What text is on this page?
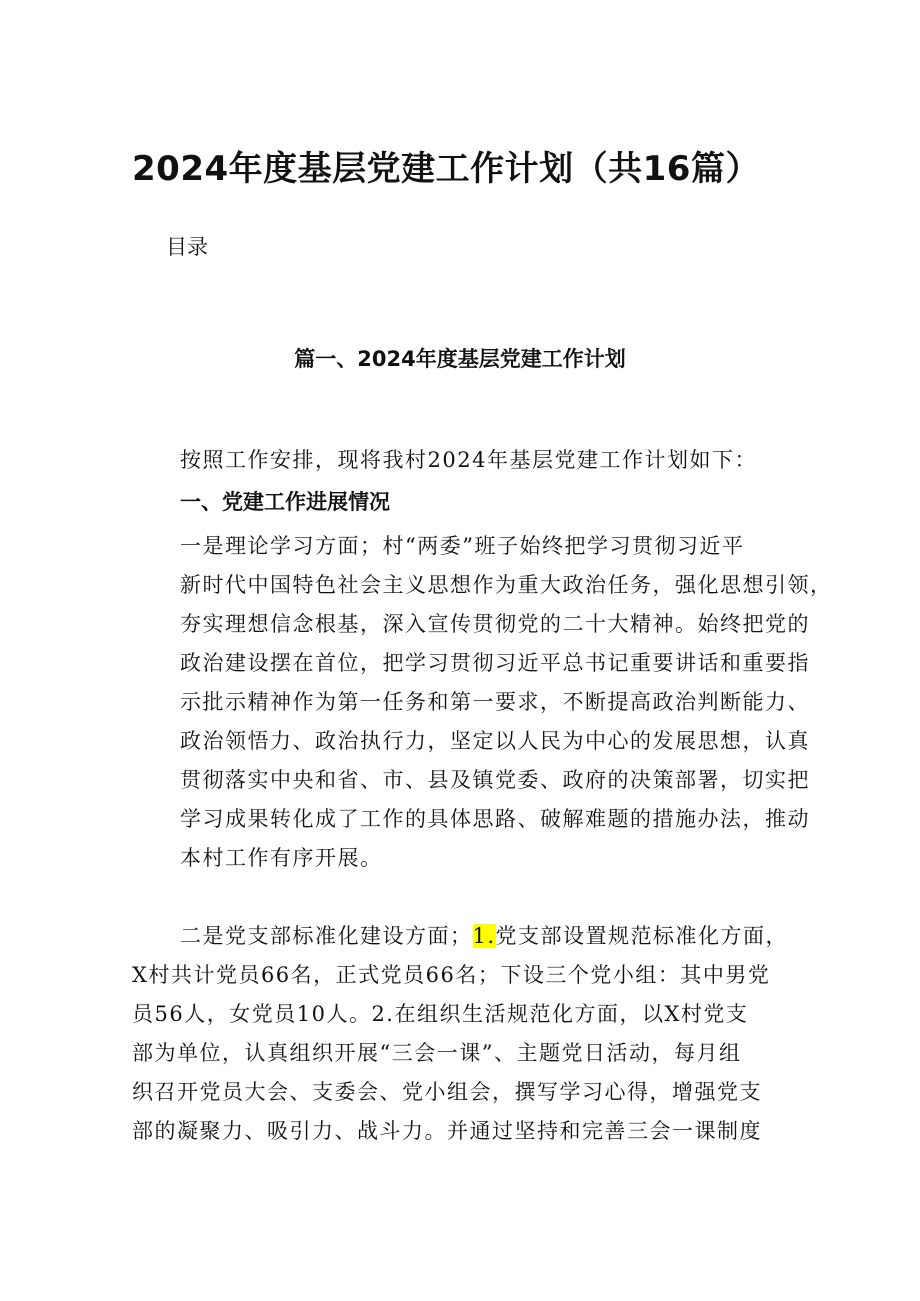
2024年度基层党建工作计划（共16篇）
目录
篇一、2024年度基层党建工作计划

按照工作安排，现将我村2024年基层党建工作计划如下：

一、党建工作进展情况
一是理论学习方面；村“两委”班子始终把学习贯彻习近平
新时代中国特色社会主义思想作为重大政治任务，强化思想引领，
夯实理想信念根基，深入宣传贯彻党的二十大精神。始终把党的
政治建设摆在首位，把学习贯彻习近平总书记重要讲话和重要指
示批示精神作为第一任务和第一要求，不断提高政治判断能力、
政治领悟力、政治执行力，坚定以人民为中心的发展思想，认真
贯彻落实中央和省、市、县及镇党委、政府的决策部署，切实把
学习成果转化成了工作的具体思路、破解难题的措施办法，推动
本村工作有序开展。
二是党支部标准化建设方面；1.党支部设置规范标准化方面，
X村共计党员66名，正式党员66名；下设三个党小组：其中男党
员56人，女党员10人。2.在组织生活规范化方面，以X村党支
部为单位，认真组织开展“三会一课”、主题党日活动，每月组
织召开党员大会、支委会、党小组会，撰写学习心得，增强党支
部的凝聚力、吸引力、战斗力。并通过坚持和完善三会一课制度
